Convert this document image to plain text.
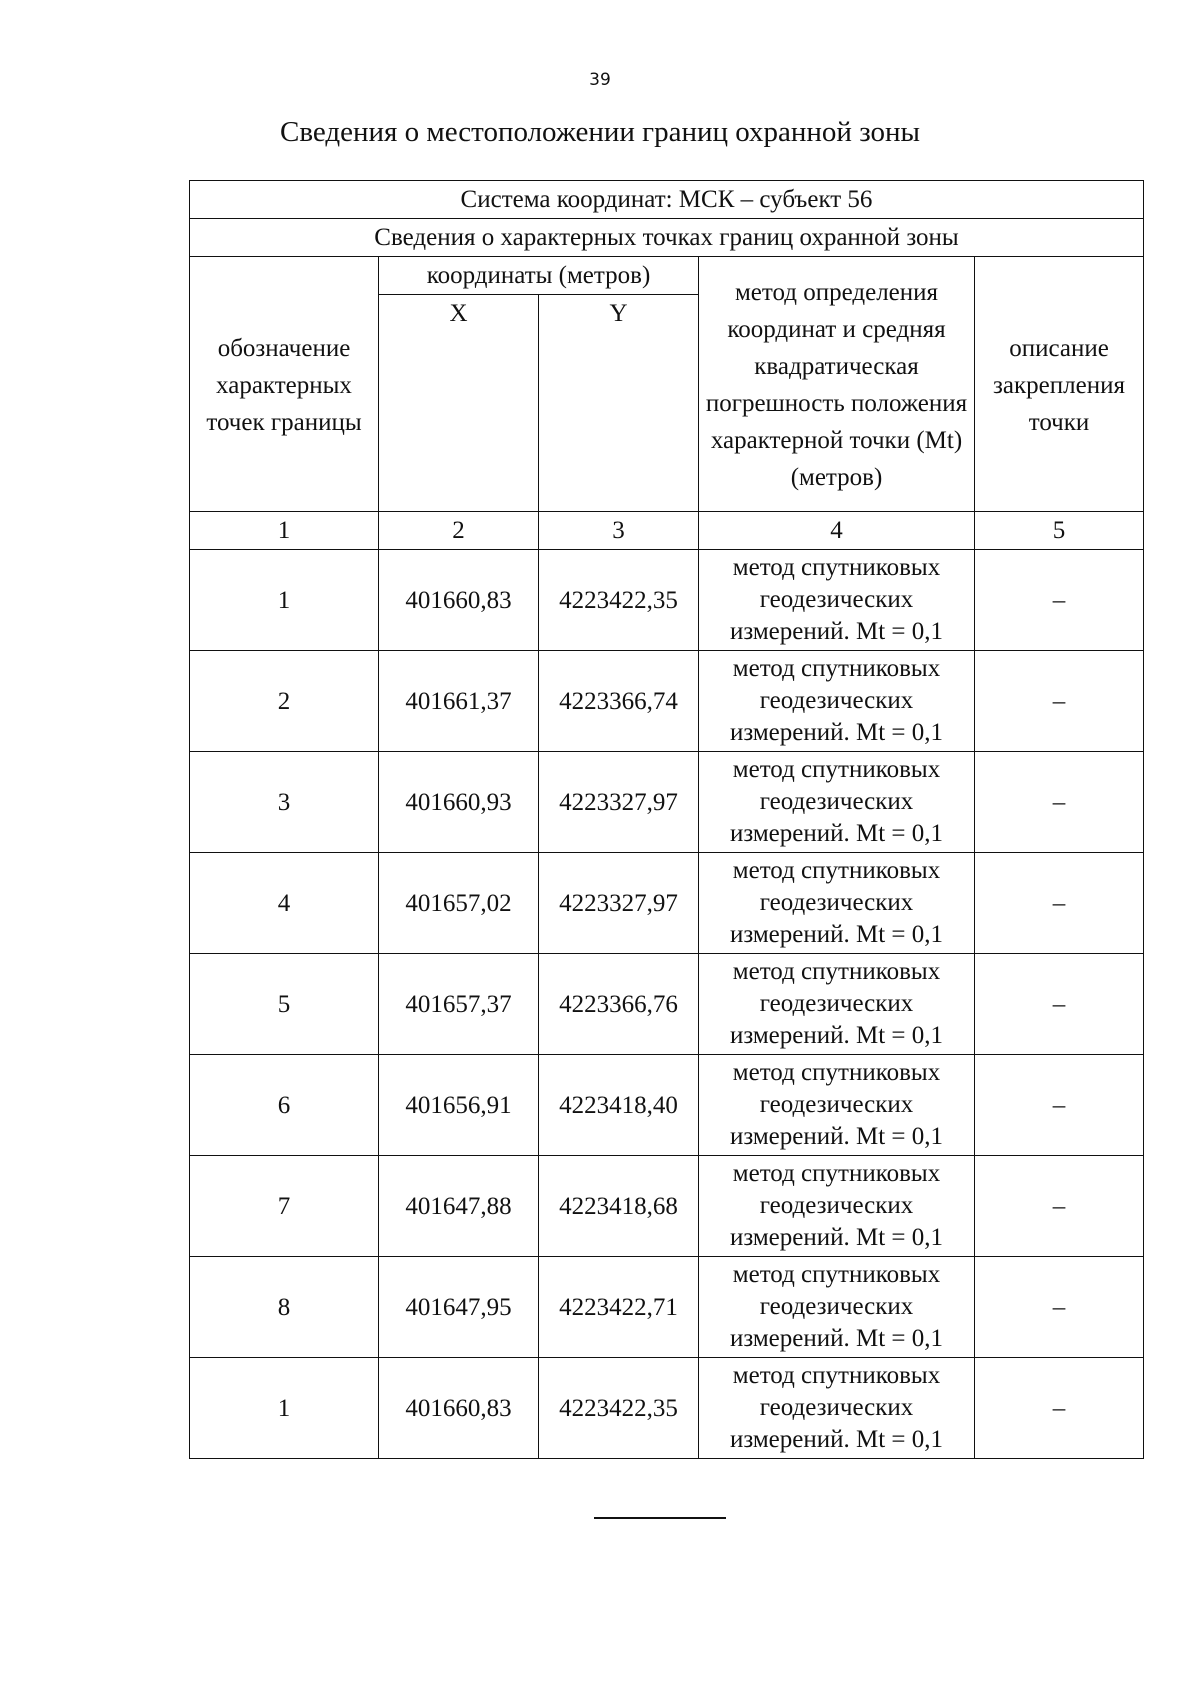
39
Сведения о местоположении границ охранной зоны
Система координат: МСК – субъект 56				
Сведения о характерных точках границ охранной зоны				
обозначение характерных точек границы	координаты (метров)		метод определения координат и средняя квадратическая погрешность положения характерной точки (Mt) (метров)	описание закрепления точки
	X	Y		
1	2	3	4	5
1	401660,83	4223422,35	метод спутниковых геодезических измерений. Mt = 0,1	–
2	401661,37	4223366,74	метод спутниковых геодезических измерений. Mt = 0,1	–
3	401660,93	4223327,97	метод спутниковых геодезических измерений. Mt = 0,1	–
4	401657,02	4223327,97	метод спутниковых геодезических измерений. Mt = 0,1	–
5	401657,37	4223366,76	метод спутниковых геодезических измерений. Mt = 0,1	–
6	401656,91	4223418,40	метод спутниковых геодезических измерений. Mt = 0,1	–
7	401647,88	4223418,68	метод спутниковых геодезических измерений. Mt = 0,1	–
8	401647,95	4223422,71	метод спутниковых геодезических измерений. Mt = 0,1	–
1	401660,83	4223422,35	метод спутниковых геодезических измерений. Mt = 0,1	–
